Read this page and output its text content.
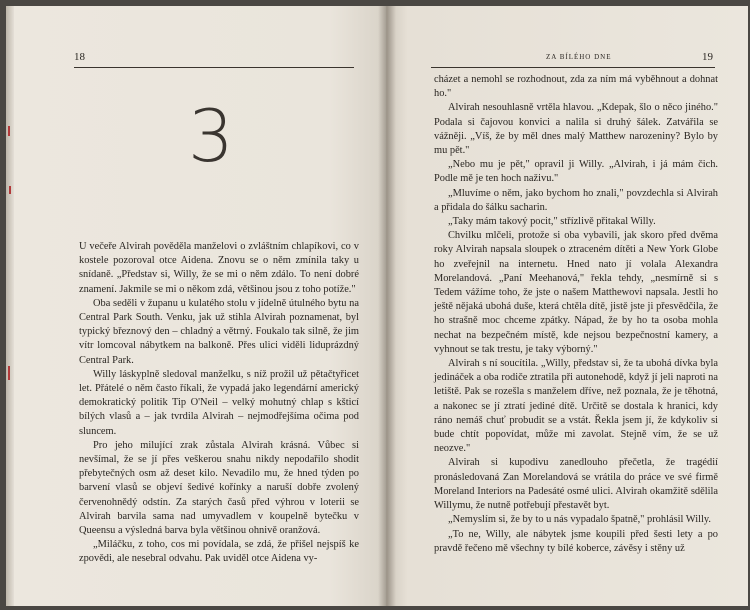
18
3

U večeře Alvirah pověděla manželovi o zvláštním chlapíkovi, co v kostele pozoroval otce Aidena. Znovu se o něm zmínila taky u snídaně. „Představ si, Willy, že se mi o něm zdálo. To není dobré znamení. Jakmile se mi o někom zdá, většinou jsou z toho potíže."

Oba seděli v županu u kulatého stolu v jídelně útulného bytu na Central Park South. Venku, jak už stihla Alvirah poznamenat, byl typický březnový den – chladný a větrný. Foukalo tak silně, že jim vítr lomcoval nábytkem na balkoně. Přes ulici viděli liduprázdný Central Park.

Willy láskyplně sledoval manželku, s níž prožil už pětačtyřicet let. Přátelé o něm často říkali, že vypadá jako legendární americký demokratický politik Tip O'Neil – velký mohutný chlap s kšticí bílých vlasů a – jak tvrdila Alvirah – nejmodřejšíma očima pod sluncem.

Pro jeho milující zrak zůstala Alvirah krásná. Vůbec si nevšímal, že se jí přes veškerou snahu nikdy nepodařilo shodit přebytečných osm až deset kilo. Nevadilo mu, že hned týden po barvení vlasů se objeví šedivé kořínky a naruší dobře zvolený červenohnědý odstín. Za starých časů před výhrou v loterii se Alvirah barvila sama nad umyvadlem v koupelně bytečku v Queensu a výsledná barva byla většinou ohnivě oranžová.

„Miláčku, z toho, cos mi povídala, se zdá, že přišel nejspíš ke zpovědi, ale nesebral odvahu. Pak uviděl otce Aidena vy-

ZA BÍLÉHO DNE	19

cházet a nemohl se rozhodnout, zda za ním má vyběhnout a dohnat ho."

Alvirah nesouhlasně vrtěla hlavou. „Kdepak, šlo o něco jiného." Podala si čajovou konvici a nalila si druhý šálek. Zatvářila se vážněji. „Víš, že by měl dnes malý Matthew narozeniny? Bylo by mu pět."

„Nebo mu je pět," opravil ji Willy. „Alvirah, i já mám čich. Podle mě je ten hoch naživu."

„Mluvíme o něm, jako bychom ho znali," povzdechla si Alvirah a přidala do šálku sacharin.

„Taky mám takový pocit," střízlivě přitakal Willy.

Chvilku mlčeli, protože si oba vybavili, jak skoro před dvěma roky Alvirah napsala sloupek o ztraceném dítěti a New York Globe ho zveřejnil na internetu. Hned nato jí volala Alexandra Morelandová. „Paní Meehanová," řekla tehdy, „nesmírně si s Tedem vážíme toho, že jste o našem Matthewovi napsala. Jestli ho ještě nějaká ubohá duše, která chtěla dítě, jistě jste ji přesvědčila, že ho strašně moc chceme zpátky. Nápad, že by ho ta osoba mohla nechat na bezpečném místě, kde nejsou bezpečnostní kamery, a vyhnout se tak trestu, je taky výborný."

Alvirah s ní soucítila. „Willy, představ si, že ta ubohá dívka byla jedináček a oba rodiče ztratila při autonehodě, když jí jeli naproti na letiště. Pak se rozešla s manželem dříve, než poznala, že je těhotná, a nakonec se jí ztratí jediné dítě. Určitě se dostala k hranici, kdy ráno nemáš chuť probudit se a vstát. Řekla jsem jí, že kdykoliv si bude chtít popovídat, může mi zavolat. Stejně vím, že se už neozve."

Alvirah si kupodivu zanedlouho přečetla, že tragédií pronásledovaná Zan Morelandová se vrátila do práce ve své firmě Moreland Interiors na Padesáté osmé ulici. Alvirah okamžitě sdělila Willymu, že nutně potřebují přestavět byt.

„Nemyslím si, že by to u nás vypadalo špatně," prohlásil Willy.

„To ne, Willy, ale nábytek jsme koupili před šesti lety a po pravdě řečeno mě všechny ty bílé koberce, závěsy i stěny už
